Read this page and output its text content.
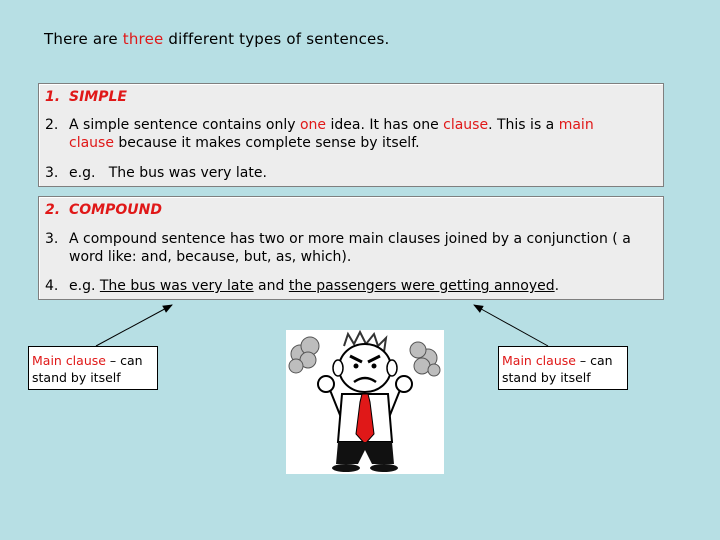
There are three different types of sentences.
1. SIMPLE
2. A simple sentence contains only one idea. It has one clause. This is a main
clause because it makes complete sense by itself.
3. e.g.   The bus was very late.
2. COMPOUND
3. A compound sentence has two or more main clauses joined by a conjunction ( a
word like: and, because, but, as, which).
4. e.g. The bus was very late and the passengers were getting annoyed.
Main clause – can stand by itself
Main clause – can stand by itself
